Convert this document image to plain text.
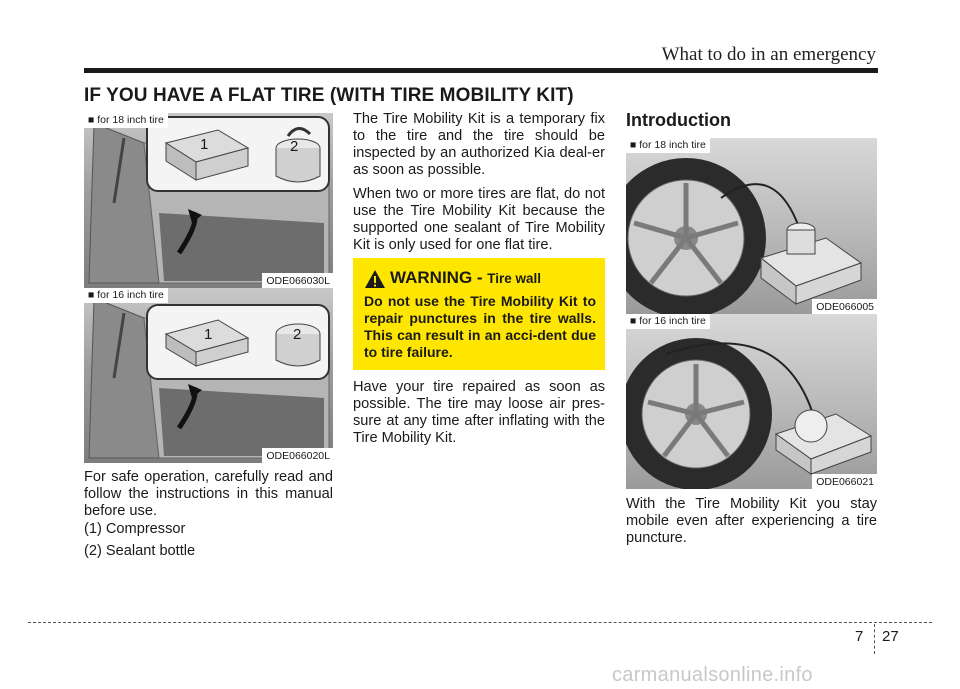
What to do in an emergency
IF YOU HAVE A FLAT TIRE (WITH TIRE MOBILITY KIT)
1	2
■ for 18 inch tire
ODE066030L
1	2
■ for 16 inch tire
ODE066020L

For safe operation, carefully read and follow the instructions in this manual before use.

(1) Compressor
(2) Sealant bottle

The Tire Mobility Kit is a temporary fix to the tire and the tire should be inspected by an authorized Kia deal-er as soon as possible.

When two or more tires are flat, do not use the Tire Mobility Kit because the supported one sealant of Tire Mobility Kit is only used for one flat tire.

WARNING - Tire wall
Do not use the Tire Mobility Kit to repair punctures in the tire walls. This can result in an acci-dent due to tire failure.

Have your tire repaired as soon as possible. The tire may loose air pres-sure at any time after inflating with the Tire Mobility Kit.

Introduction
■ for 18 inch tire
ODE066005
■ for 16 inch tire
ODE066021

With the Tire Mobility Kit you stay mobile even after experiencing a tire puncture.

7 27
carmanualsonline.info
